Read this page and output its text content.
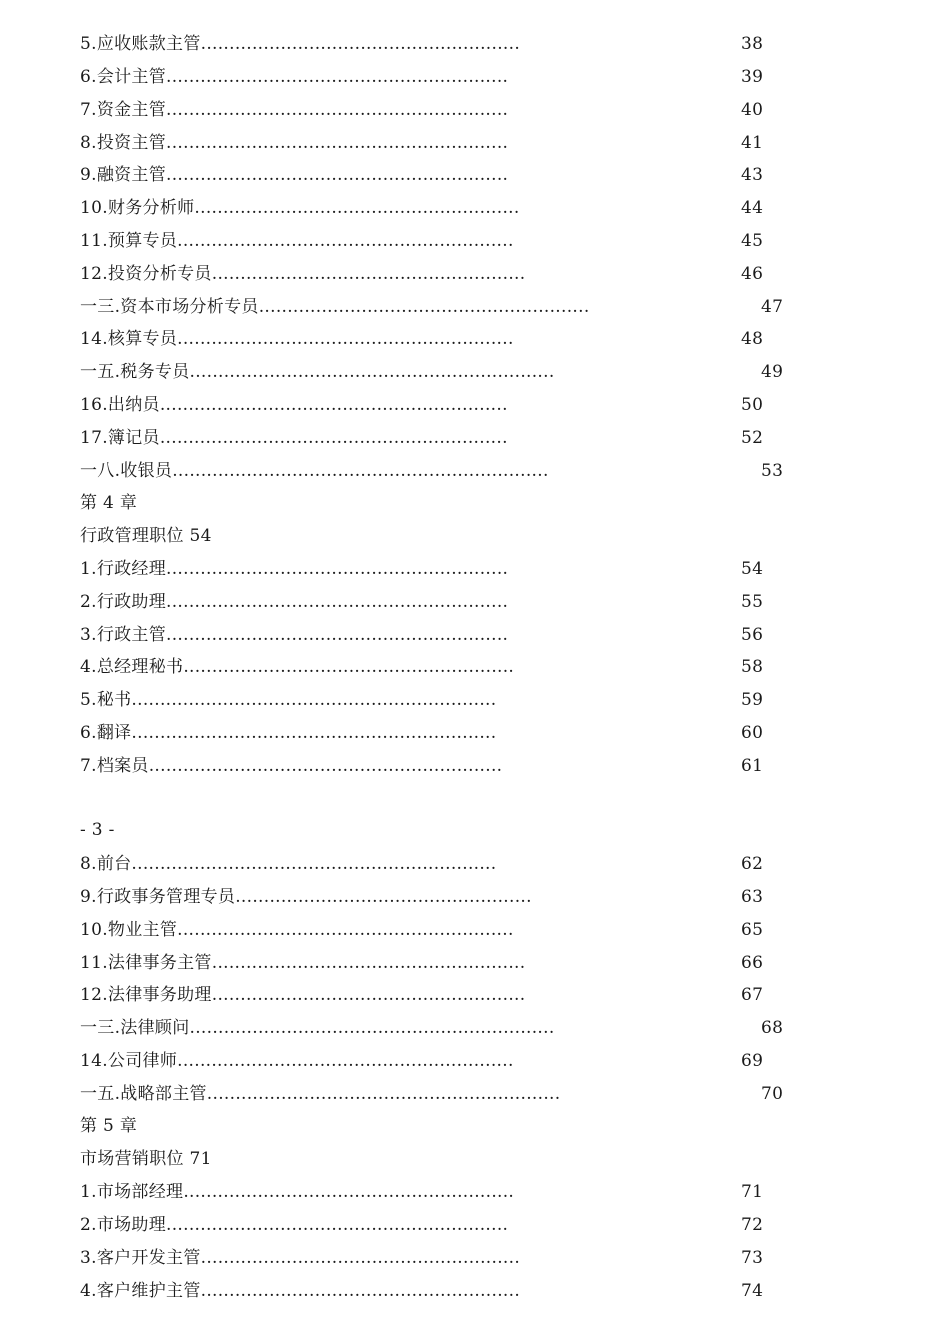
5.应收账款主管........................................................	38
6.会计主管............................................................	39
7.资金主管............................................................	40
8.投资主管............................................................	41
9.融资主管............................................................	43
10.财务分析师.........................................................	44
11.预算专员...........................................................	45
12.投资分析专员.......................................................	46
一三.资本市场分析专员..........................................................	47
14.核算专员...........................................................	48
一五.税务专员................................................................	49
16.出纳员.............................................................	50
17.簿记员.............................................................	52
一八.收银员..................................................................	53
第 4 章
行政管理职位 54
1.行政经理............................................................	54
2.行政助理............................................................	55
3.行政主管............................................................	56
4.总经理秘书..........................................................	58
5.秘书................................................................	59
6.翻译................................................................	60
7.档案员..............................................................	61
- 3 -
8.前台................................................................	62
9.行政事务管理专员....................................................	63
10.物业主管...........................................................	65
11.法律事务主管.......................................................	66
12.法律事务助理.......................................................	67
一三.法律顾问................................................................	68
14.公司律师...........................................................	69
一五.战略部主管..............................................................	70
第 5 章
市场营销职位 71
1.市场部经理..........................................................	71
2.市场助理............................................................	72
3.客户开发主管........................................................	73
4.客户维护主管........................................................	74
